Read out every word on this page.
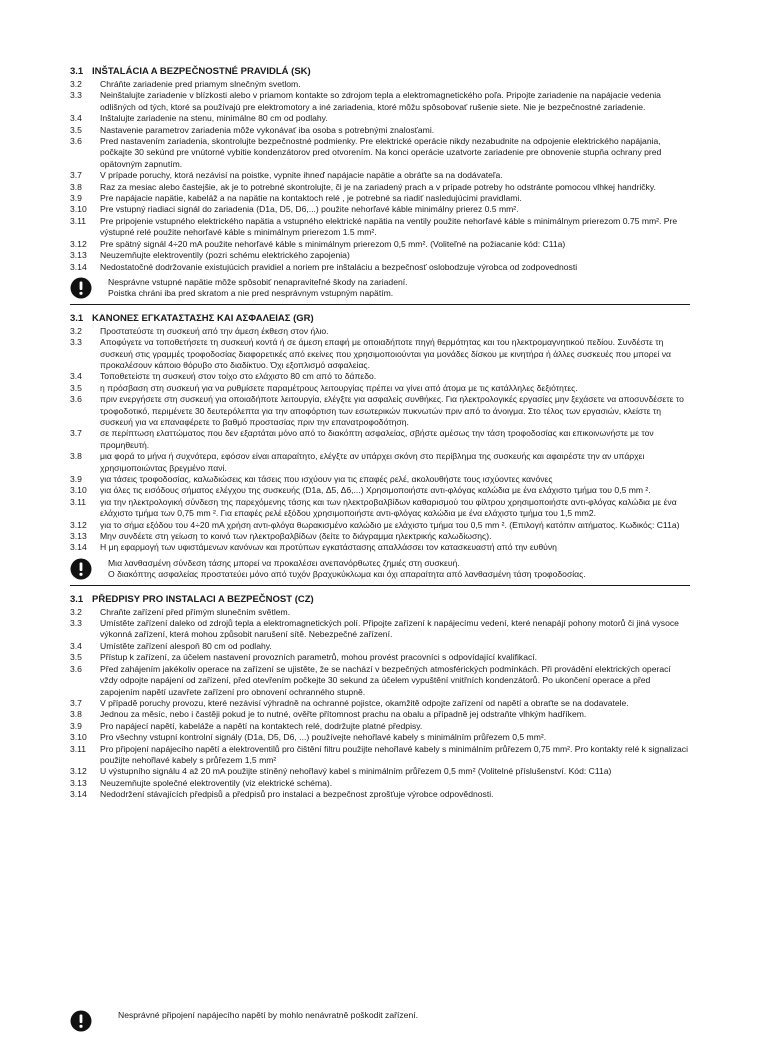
3.1 INŠTALÁCIA A BEZPEČNOSTNÉ PRAVIDLÁ (SK)
3.2	Chráňte zariadenie pred priamym slnečným svetlom.
3.3	Neinštalujte zariadenie v blízkosti alebo v priamom kontakte so zdrojom tepla a elektromagnetického poľa. Pripojte zariadenie na napájacie vedenia odlišných od tých, ktoré sa používajú pre elektromotory a iné zariadenia, ktoré môžu spôsobovať rušenie siete. Nie je bezpečnostné zariadenie.
3.4	Inštalujte zariadenie na stenu, minimálne 80 cm od podlahy.
3.5	Nastavenie parametrov zariadenia môže vykonávať iba osoba s potrebnými znalosťami.
3.6	Pred nastavením zariadenia, skontrolujte bezpečnostné podmienky. Pre elektrické operácie nikdy nezabudnite na odpojenie elektrického napájania, počkajte 30 sekúnd pre vnútorné vybitie kondenzátorov pred otvorením. Na konci operácie uzatvorte zariadenie pre obnovenie stupňa ochrany pred opätovným zapnutím.
3.7	V prípade poruchy, ktorá nezávisí na poistke, vypnite ihneď napájacie napätie a obráťte sa na dodávateľa.
3.8	Raz za mesiac alebo častejšie, ak je to potrebné skontrolujte, či je na zariadený prach a v prípade potreby ho odstránte pomocou vlhkej handričky.
3.9	Pre napájacie napätie, kabeláž a na napätie na kontaktoch relé , je potrebné sa riadiť nasledujúcimi pravidlami.
3.10	Pre vstupný riadiaci signál do zariadenia (D1a, D5, D6,...) použite nehorľavé káble minimálny prierez 0.5 mm².
3.11	Pre pripojenie vstupného elektrického napätia a vstupného elektrické napätia na ventily použite nehorľavé káble s minimálnym prierezom 0.75 mm². Pre výstupné relé použite nehorľavé káble s minimálnym prierezom 1.5 mm².
3.12	Pre spätný signál 4÷20 mA použite nehorľavé káble s minimálnym prierezom 0,5 mm². (Voliteľné na požiacanie kód: C11a)
3.13	Neuzemňujte elektroventily (pozri schému elektrického zapojenia)
3.14	Nedostatočné dodržovanie existujúcich pravidiel a noriem pre inštaláciu a bezpečnosť oslobodzuje výrobca od zodpovednosti
Nesprávne vstupné napätie môže spôsobiť nenapraviteľné škody na zariadení.
Poistka chráni iba pred skratom a nie pred nesprávnym vstupným napätím.
3.1 ΚΑΝΟΝΕΣ ΕΓΚΑΤΑΣΤΑΣΗΣ ΚΑΙ ΑΣΦΑΛΕΙΑΣ (GR)
3.2	Προστατεύστε τη συσκευή από την άμεση έκθεση στον ήλιο.
3.3	Αποφύγετε να τοποθετήσετε τη συσκευή κοντά ή σε άμεση επαφή με οποιαδήποτε πηγή θερμότητας και του ηλεκτρομαγνητικού πεδίου. Συνδέστε τη συσκευή στις γραμμές τροφοδοσίας διαφορετικές από εκείνες που χρησιμοποιούνται για μονάδες δίσκου με κινητήρα ή άλλες συσκευές που μπορεί να προκαλέσουν κάποιο θόρυβο στο διαδίκτυο. Όχι εξοπλισμό ασφαλείας.
3.4	Τοποθετείστε τη συσκευή στον τοίχο στο ελάχιστο 80 cm από το δάπεδο.
3.5	η πρόσβαση στη συσκευή για να ρυθμίσετε παραμέτρους λειτουργίας πρέπει να γίνει από άτομα με τις κατάλληλες δεξιότητες.
3.6	πριν ενεργήσετε στη συσκευή για οποιαδήποτε λειτουργία, ελέγξτε για ασφαλείς συνθήκες. Για ηλεκτρολογικές εργασίες μην ξεχάσετε να αποσυνδέσετε το τροφοδοτικό, περιμένετε 30 δευτερόλεπτα για την αποφόρτιση των εσωτερικών πυκνωτών πριν από το άνοιγμα. Στο τέλος των εργασιών, κλείστε τη συσκευή για να επαναφέρετε το βαθμό προστασίας πριν την επανατροφοδότηση.
3.7	σε περίπτωση ελαττώματος που δεν εξαρτάται μόνο από το διακόπτη ασφαλείας, σβήστε αμέσως την τάση τροφοδοσίας και επικοινωνήστε με τον προμηθευτή.
3.8	μια φορά το μήνα ή συχνότερα, εφόσον είναι απαραίτητο, ελέγξτε αν υπάρχει σκόνη στο περίβλημα της συσκευής και αφαιρέστε την αν υπάρχει χρησιμοποιώντας βρεγμένο πανί.
3.9	για τάσεις τροφοδοσίας, καλωδιώσεις και τάσεις που ισχύουν για τις επαφές ρελέ, ακολουθήστε τους ισχύοντες κανόνες
3.10	για όλες τις εισόδους σήματος ελέγχου της συσκευής (D1a, Δ5, Δ6,...) Χρησιμοποιήστε αντι-φλόγας καλώδια με ένα ελάχιστο τμήμα του 0,5 mm ².
3.11	για την ηλεκτρολογική σύνδεση της παρεχόμενης τάσης και των ηλεκτροβαλβίδων καθαρισμού του φίλτρου χρησιμοποιήστε αντι-φλόγας καλώδια με ένα ελάχιστο τμήμα των 0,75 mm ². Για επαφές ρελέ εξόδου χρησιμοποιήστε αντι-φλόγας καλώδια με ένα ελάχιστο τμήμα του 1,5 mm2.
3.12	για το σήμα εξόδου του 4÷20 mA χρήση αντι-φλόγα θωρακισμένο καλώδιο με ελάχιστο τμήμα του 0,5 mm ². (Επιλογή κατόπιν αιτήματος. Κωδικός: C11a)
3.13	Μην συνδέετε στη γείωση το κοινό των ηλεκτροβαλβίδων (δείτε το διάγραμμα ηλεκτρικής καλωδίωσης).
3.14	Η μη εφαρμογή των υφιστάμενων κανόνων και προτύπων εγκατάστασης απαλλάσσει τον κατασκευαστή από την ευθύνη
Μια λανθασμένη σύνδεση τάσης μπορεί να προκαλέσει ανεπανόρθωτες ζημιές στη συσκευή.
Ο διακόπτης ασφαλείας προστατεύει μόνο από τυχόν βραχυκύκλωμα και όχι απαραίτητα από λανθασμένη τάση τροφοδοσίας.
3.1 PŘEDPISY PRO INSTALACI A BEZPEČNOST (CZ)
3.2	Chraňte zařízení před přímým slunečním světlem.
3.3	Umístěte zařízení daleko od zdrojů tepla a elektromagnetických polí. Připojte zařízení k napájecímu vedení, které nenapájí pohony motorů či jiná vysoce výkonná zařízení, která mohou způsobit narušení sítě. Nebezpečné zařízení.
3.4	Umístěte zařízení alespoň 80 cm od podlahy.
3.5	Přístup k zařízení, za účelem nastavení provozních parametrů, mohou provést pracovníci s odpovídající kvalifikací.
3.6	Před zahájením jakékoliv operace na zařízení se ujistěte, že se nachází v bezpečných atmosférických podmínkách. Při provádění elektrických operací vždy odpojte napájení od zařízení, před otevřením počkejte 30 sekund za účelem vypuštění vnitřních kondenzátorů. Po ukončení operace a před zapojením napětí uzavřete zařízení pro obnovení ochranného stupně.
3.7	V případě poruchy provozu, které nezávisí výhradně na ochranné pojistce, okamžitě odpojte zařízení od napětí a obraťte se na dodavatele.
3.8	Jednou za měsíc, nebo i častěji pokud je to nutné, ověřte přítomnost prachu na obalu a případně jej odstraňte vlhkým hadříkem.
3.9	Pro napájecí napětí, kabeláže a napětí na kontaktech relé, dodržujte platné předpisy.
3.10	Pro všechny vstupní kontrolní signály (D1a, D5, D6, ...) používejte nehořlavé kabely s minimálním průřezem 0,5 mm².
3.11	Pro připojení napájecího napětí a elektroventilů pro čištění filtru použijte nehořlavé kabely s minimálním průřezem 0,75 mm². Pro kontakty relé k signalizaci použijte nehořlavé kabely s průřezem 1,5 mm²
3.12	U výstupního signálu 4 až 20 mA použijte stíněný nehořlavý kabel s minimálním průřezem 0,5 mm² (Volitelné příslušenství. Kód: C11a)
3.13	Neuzemňujte společné elektroventily (viz elektrické schéma).
3.14	Nedodržení stávajících předpisů a předpisů pro instalaci a bezpečnost zprošťuje výrobce odpovědnosti.
Nesprávné připojení napájecího napětí by mohlo nenávratně poškodit zařízení.
